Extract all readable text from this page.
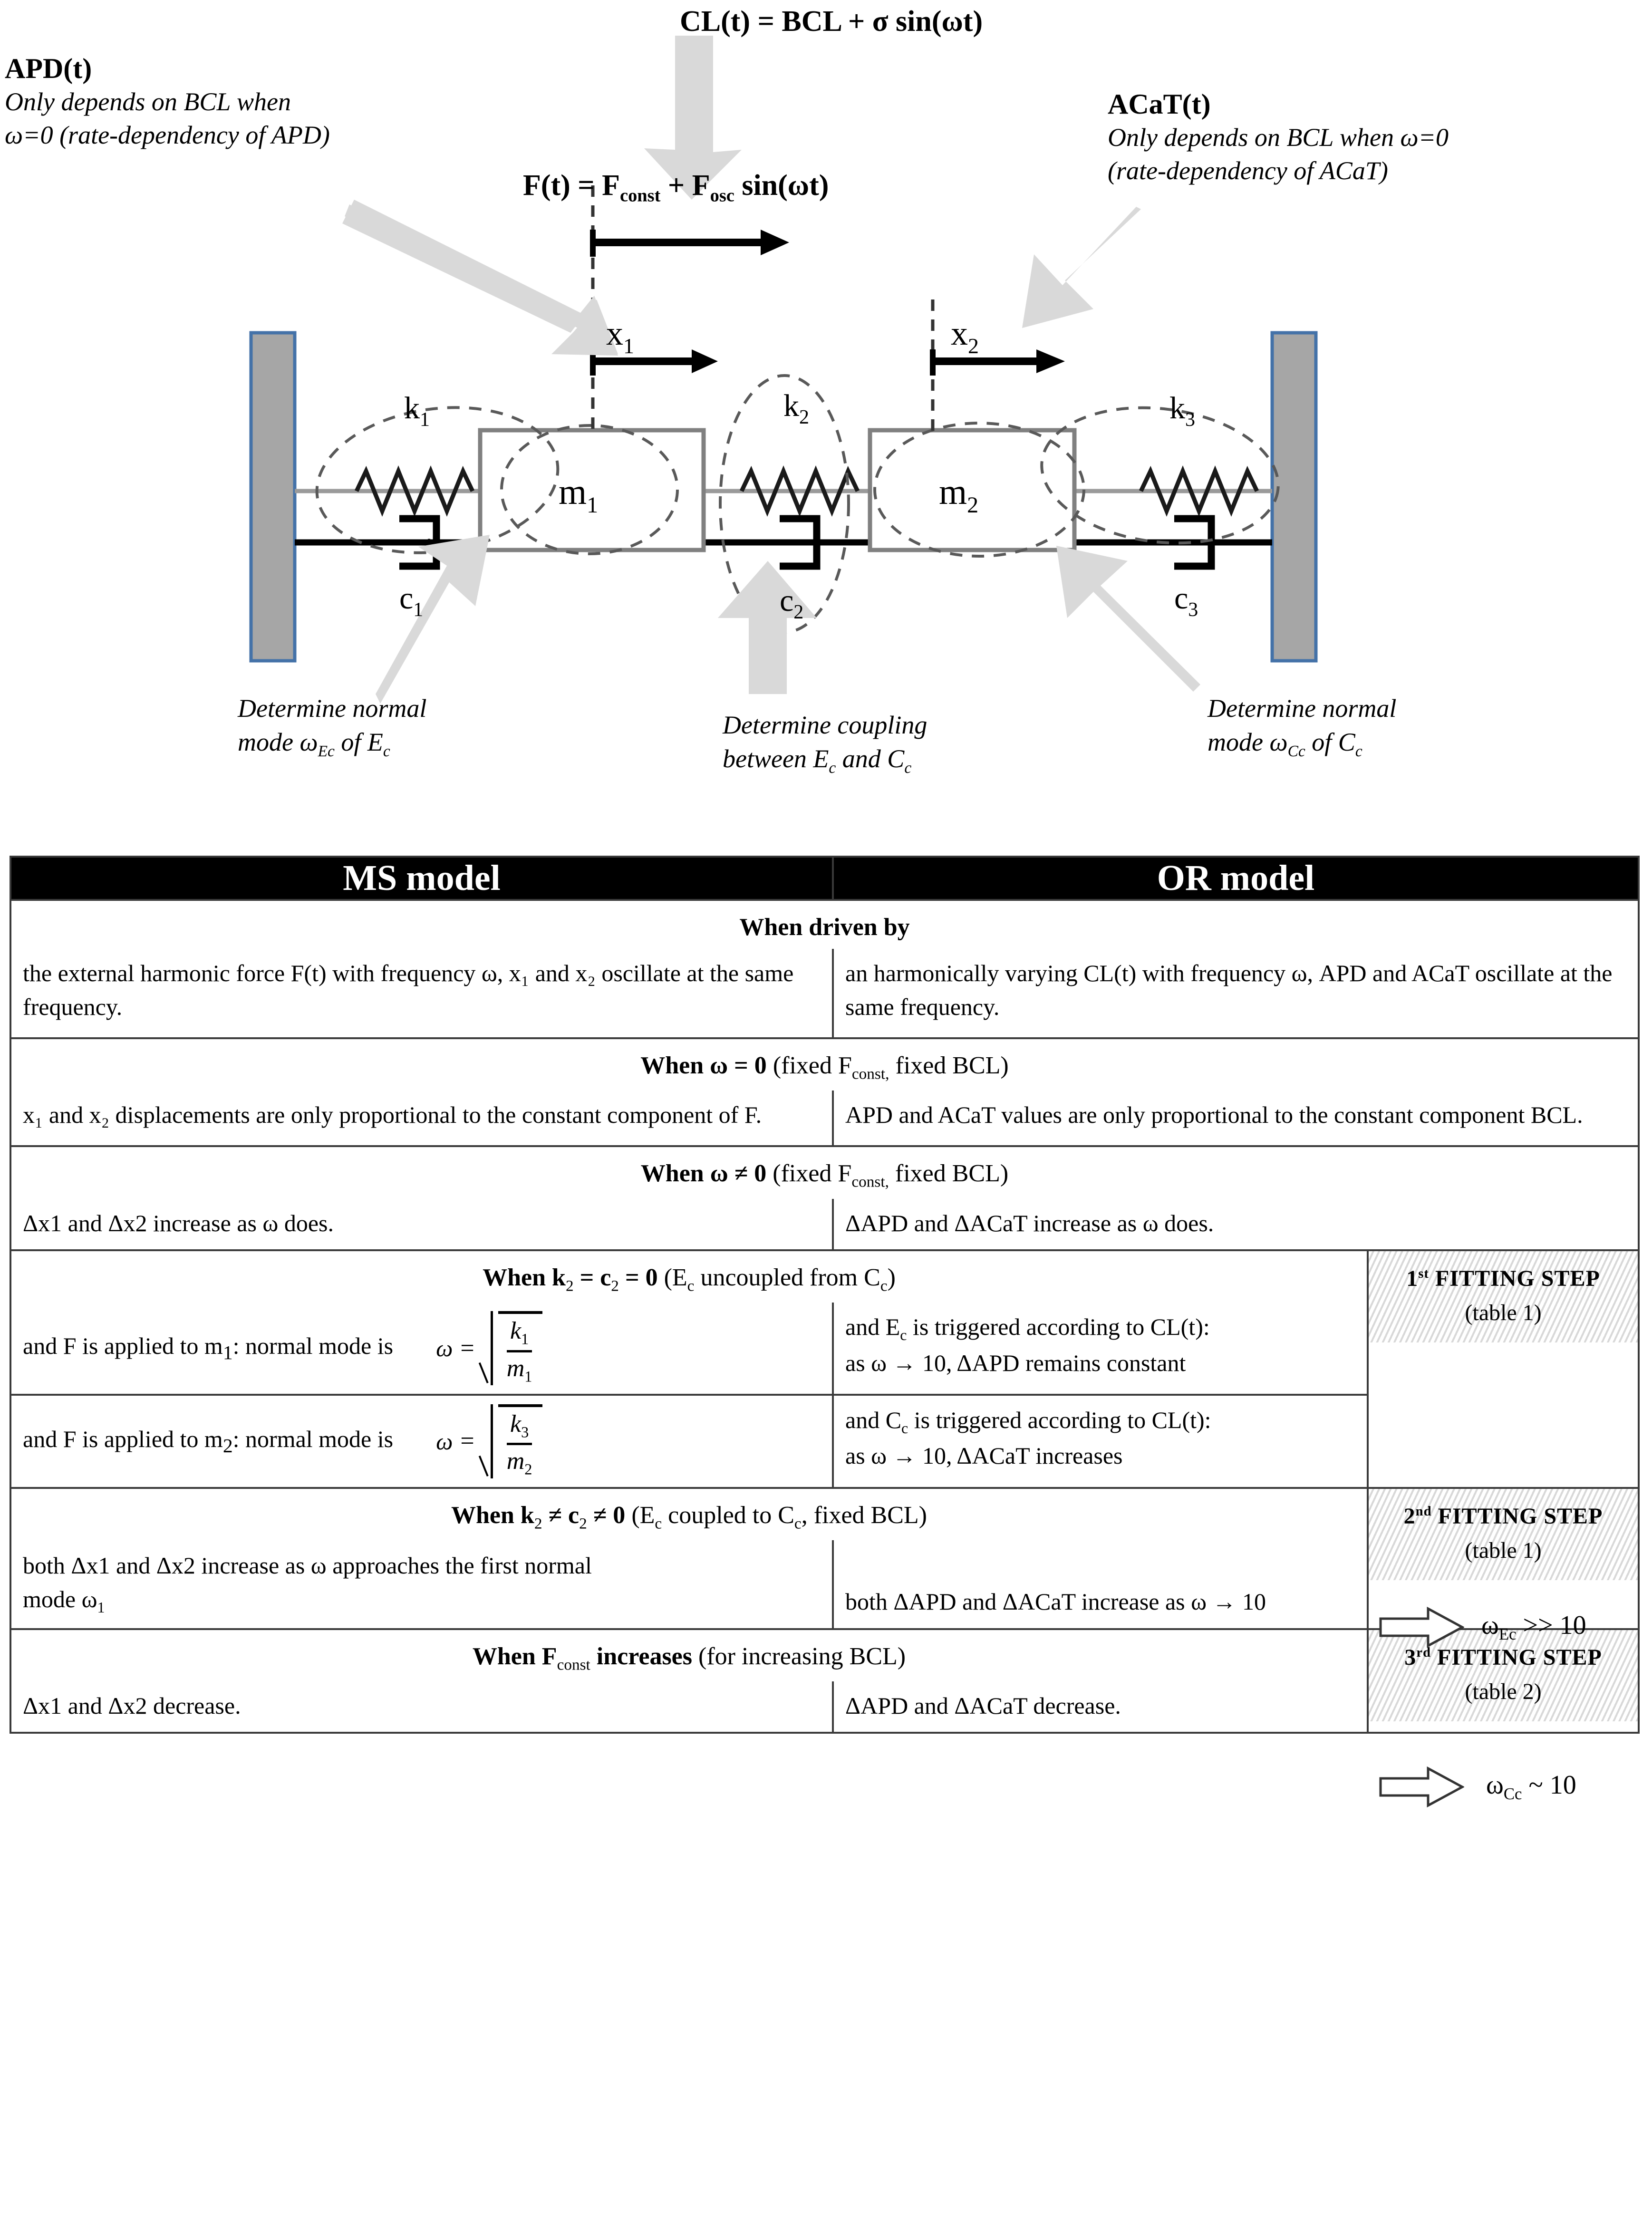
$k_1$	$k_2$	$k_3$
$c_1$	$c_2$	$c_3$
$m_1$	$m_2$
$x_1$	$x_2$
APD(t)
Only depends on BCL when
ω=0 (rate-dependency of APD)
ACaT(t)
Only depends on BCL when ω=0
(rate-dependency of ACaT)
CL(t) = BCL + σ sin(ωt)
$F(t) = F_{const} + F_{osc}$ sin(ωt)
Determine normal
mode $\omega_{Ec}$ of $E_c$
Determine coupling
between $E_c$ and $C_c$
Determine normal
mode $\omega_{Cc}$ of $C_c$
MS model	OR model	

When driven by		

the external harmonic force F(t) with frequency ω, x₁ and x₂ oscillate at the same frequency.	an harmonically varying CL(t) with frequency ω, APD and ACaT oscillate at the same frequency.	

When ω = 0 (fixed $F_{const,}$ fixed BCL)		

x₁ and x₂ displacements are only proportional to the constant component of F.	APD and ACaT values are only proportional to the constant component BCL.	

When ω ≠ 0 (fixed $F_{const,}$ fixed BCL)		

Δx1 and Δx2 increase as ω does.	ΔAPD and ΔACaT increase as ω does.	

When $k_2 = c_2 = 0$ ($E_c$ uncoupled from $C_c$)		1st FITTING STEP
(table 1)

and F is applied to $m_1$: normal mode is $\omega = \frac{k_1}{m_1}$	and $E_c$ is triggered according to CL(t):
as ω → 10, ΔAPD remains constant	

and F is applied to $m_2$: normal mode is $\omega = \frac{k_3}{m_2}$	and $C_c$ is triggered according to CL(t):
as ω → 10, ΔACaT increases	

When $k_2 \ne c_2 \ne 0$ ($E_c$ coupled to $C_c$, fixed BCL)		2nd FITTING STEP
(table 1)

both Δx1 and Δx2 increase as ω approaches the first normal
mode $\omega_1$	both ΔAPD and ΔACaT increase as ω → 10	

When $F_{const}$ increases (for increasing BCL)		3rd FITTING STEP
(table 2)

Δx1 and Δx2 decrease.	ΔAPD and ΔACaT decrease.	
$\omega_{Ec} >> 10$
$\omega_{Cc}$ ~ 10
